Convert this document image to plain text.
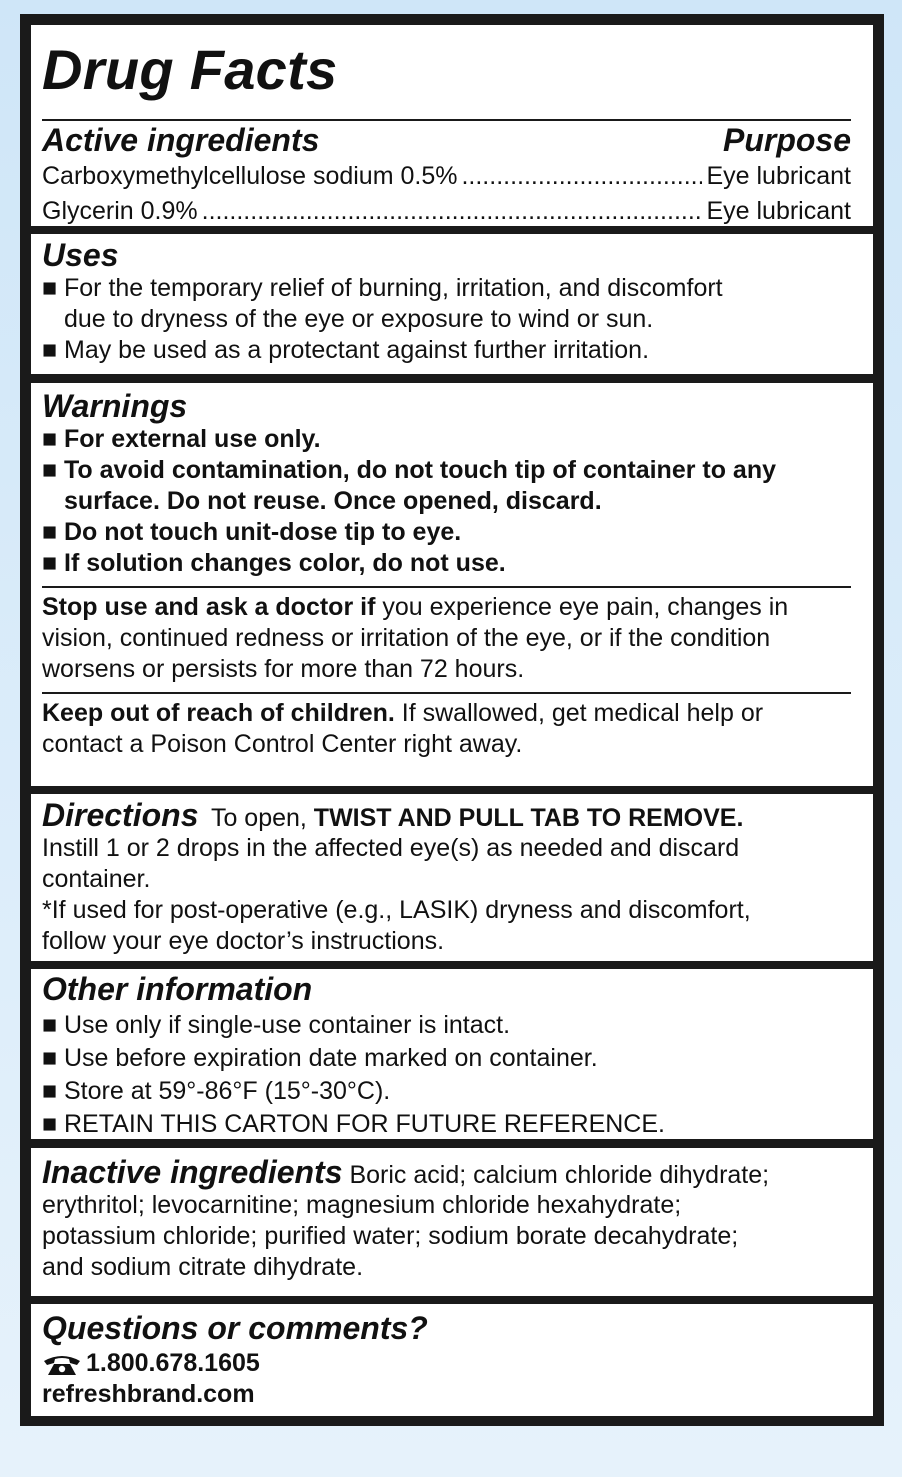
Drug Facts
Active ingredients	Purpose
Carboxymethylcellulose sodium 0.5% .....	Eye lubricant
Glycerin 0.9% .....	Eye lubricant
Uses
■ For the temporary relief of burning, irritation, and discomfort
due to dryness of the eye or exposure to wind or sun.
■ May be used as a protectant against further irritation.
Warnings
■ For external use only.
■ To avoid contamination, do not touch tip of container to any
surface. Do not reuse. Once opened, discard.
■ Do not touch unit-dose tip to eye.
■ If solution changes color, do not use.
Stop use and ask a doctor if you experience eye pain, changes in
vision, continued redness or irritation of the eye, or if the condition
worsens or persists for more than 72 hours.
Keep out of reach of children. If swallowed, get medical help or
contact a Poison Control Center right away.
Directions To open, TWIST AND PULL TAB TO REMOVE.
Instill 1 or 2 drops in the affected eye(s) as needed and discard
container.
*If used for post-operative (e.g., LASIK) dryness and discomfort,
follow your eye doctor’s instructions.
Other information
■ Use only if single-use container is intact.
■ Use before expiration date marked on container.
■ Store at 59°-86°F (15°-30°C).
■ RETAIN THIS CARTON FOR FUTURE REFERENCE.
Inactive ingredients Boric acid; calcium chloride dihydrate;
erythritol; levocarnitine; magnesium chloride hexahydrate;
potassium chloride; purified water; sodium borate decahydrate;
and sodium citrate dihydrate.
Questions or comments?
1.800.678.1605
refreshbrand.com
